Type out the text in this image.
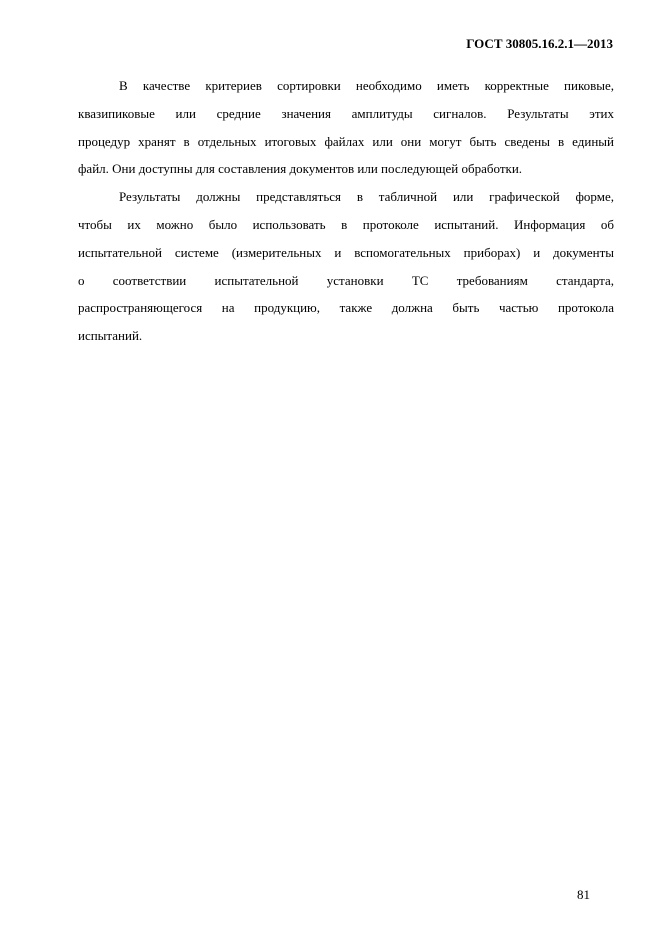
ГОСТ 30805.16.2.1—2013
В качестве критериев сортировки необходимо иметь корректные пиковые,
квазипиковые или средние значения амплитуды сигналов. Результаты этих
процедур хранят в отдельных итоговых файлах или они могут быть сведены в единый
файл. Они доступны для составления документов или последующей обработки.
Результаты должны представляться в табличной или графической форме,
чтобы их можно было использовать в протоколе испытаний. Информация об
испытательной системе (измерительных и вспомогательных приборах) и документы
о соответствии испытательной установки ТС требованиям стандарта,
распространяющегося на продукцию, также должна быть частью протокола
испытаний.
81
